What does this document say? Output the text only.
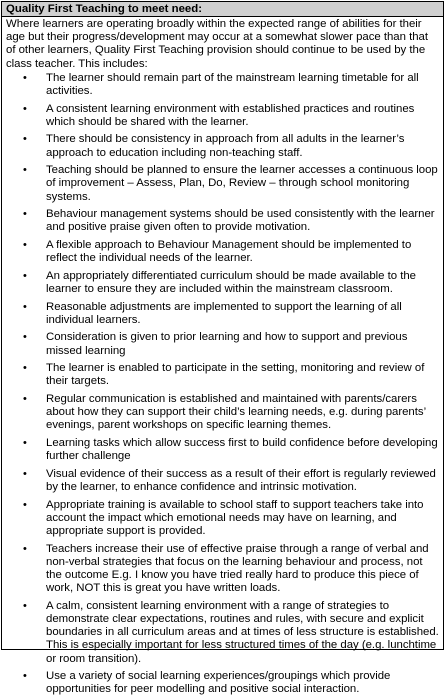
Quality First Teaching to meet need:
Where learners are operating broadly within the expected range of abilities for their age but their progress/development may occur at a somewhat slower pace than that of other learners, Quality First Teaching provision should continue to be used by the class teacher. This includes:
• The learner should remain part of the mainstream learning timetable for all activities.
• A consistent learning environment with established practices and routines which should be shared with the learner.
• There should be consistency in approach from all adults in the learner’s approach to education including non-teaching staff.
• Teaching should be planned to ensure the learner accesses a continuous loop of improvement – Assess, Plan, Do, Review – through school monitoring systems.
• Behaviour management systems should be used consistently with the learner and positive praise given often to provide motivation.
• A flexible approach to Behaviour Management should be implemented to reflect the individual needs of the learner.
• An appropriately differentiated curriculum should be made available to the learner to ensure they are included within the mainstream classroom.
• Reasonable adjustments are implemented to support the learning of all individual learners.
• Consideration is given to prior learning and how to support and previous missed learning
• The learner is enabled to participate in the setting, monitoring and review of their targets.
• Regular communication is established and maintained with parents/carers about how they can support their child’s learning needs, e.g. during parents’ evenings, parent workshops on specific learning themes.
• Learning tasks which allow success first to build confidence before developing further challenge
• Visual evidence of their success as a result of their effort is regularly reviewed by the learner, to enhance confidence and intrinsic motivation.
• Appropriate training is available to school staff to support teachers take into account the impact which emotional needs may have on learning, and appropriate support is provided.
• Teachers increase their use of effective praise through a range of verbal and non-verbal strategies that focus on the learning behaviour and process, not the outcome E.g. I know you have tried really hard to produce this piece of work, NOT this is great you have written loads.
• A calm, consistent learning environment with a range of strategies to demonstrate clear expectations, routines and rules, with secure and explicit boundaries in all curriculum areas and at times of less structure is established. This is especially important for less structured times of the day (e.g. lunchtime or room transition).
• Use a variety of social learning experiences/groupings which provide opportunities for peer modelling and positive social interaction.
